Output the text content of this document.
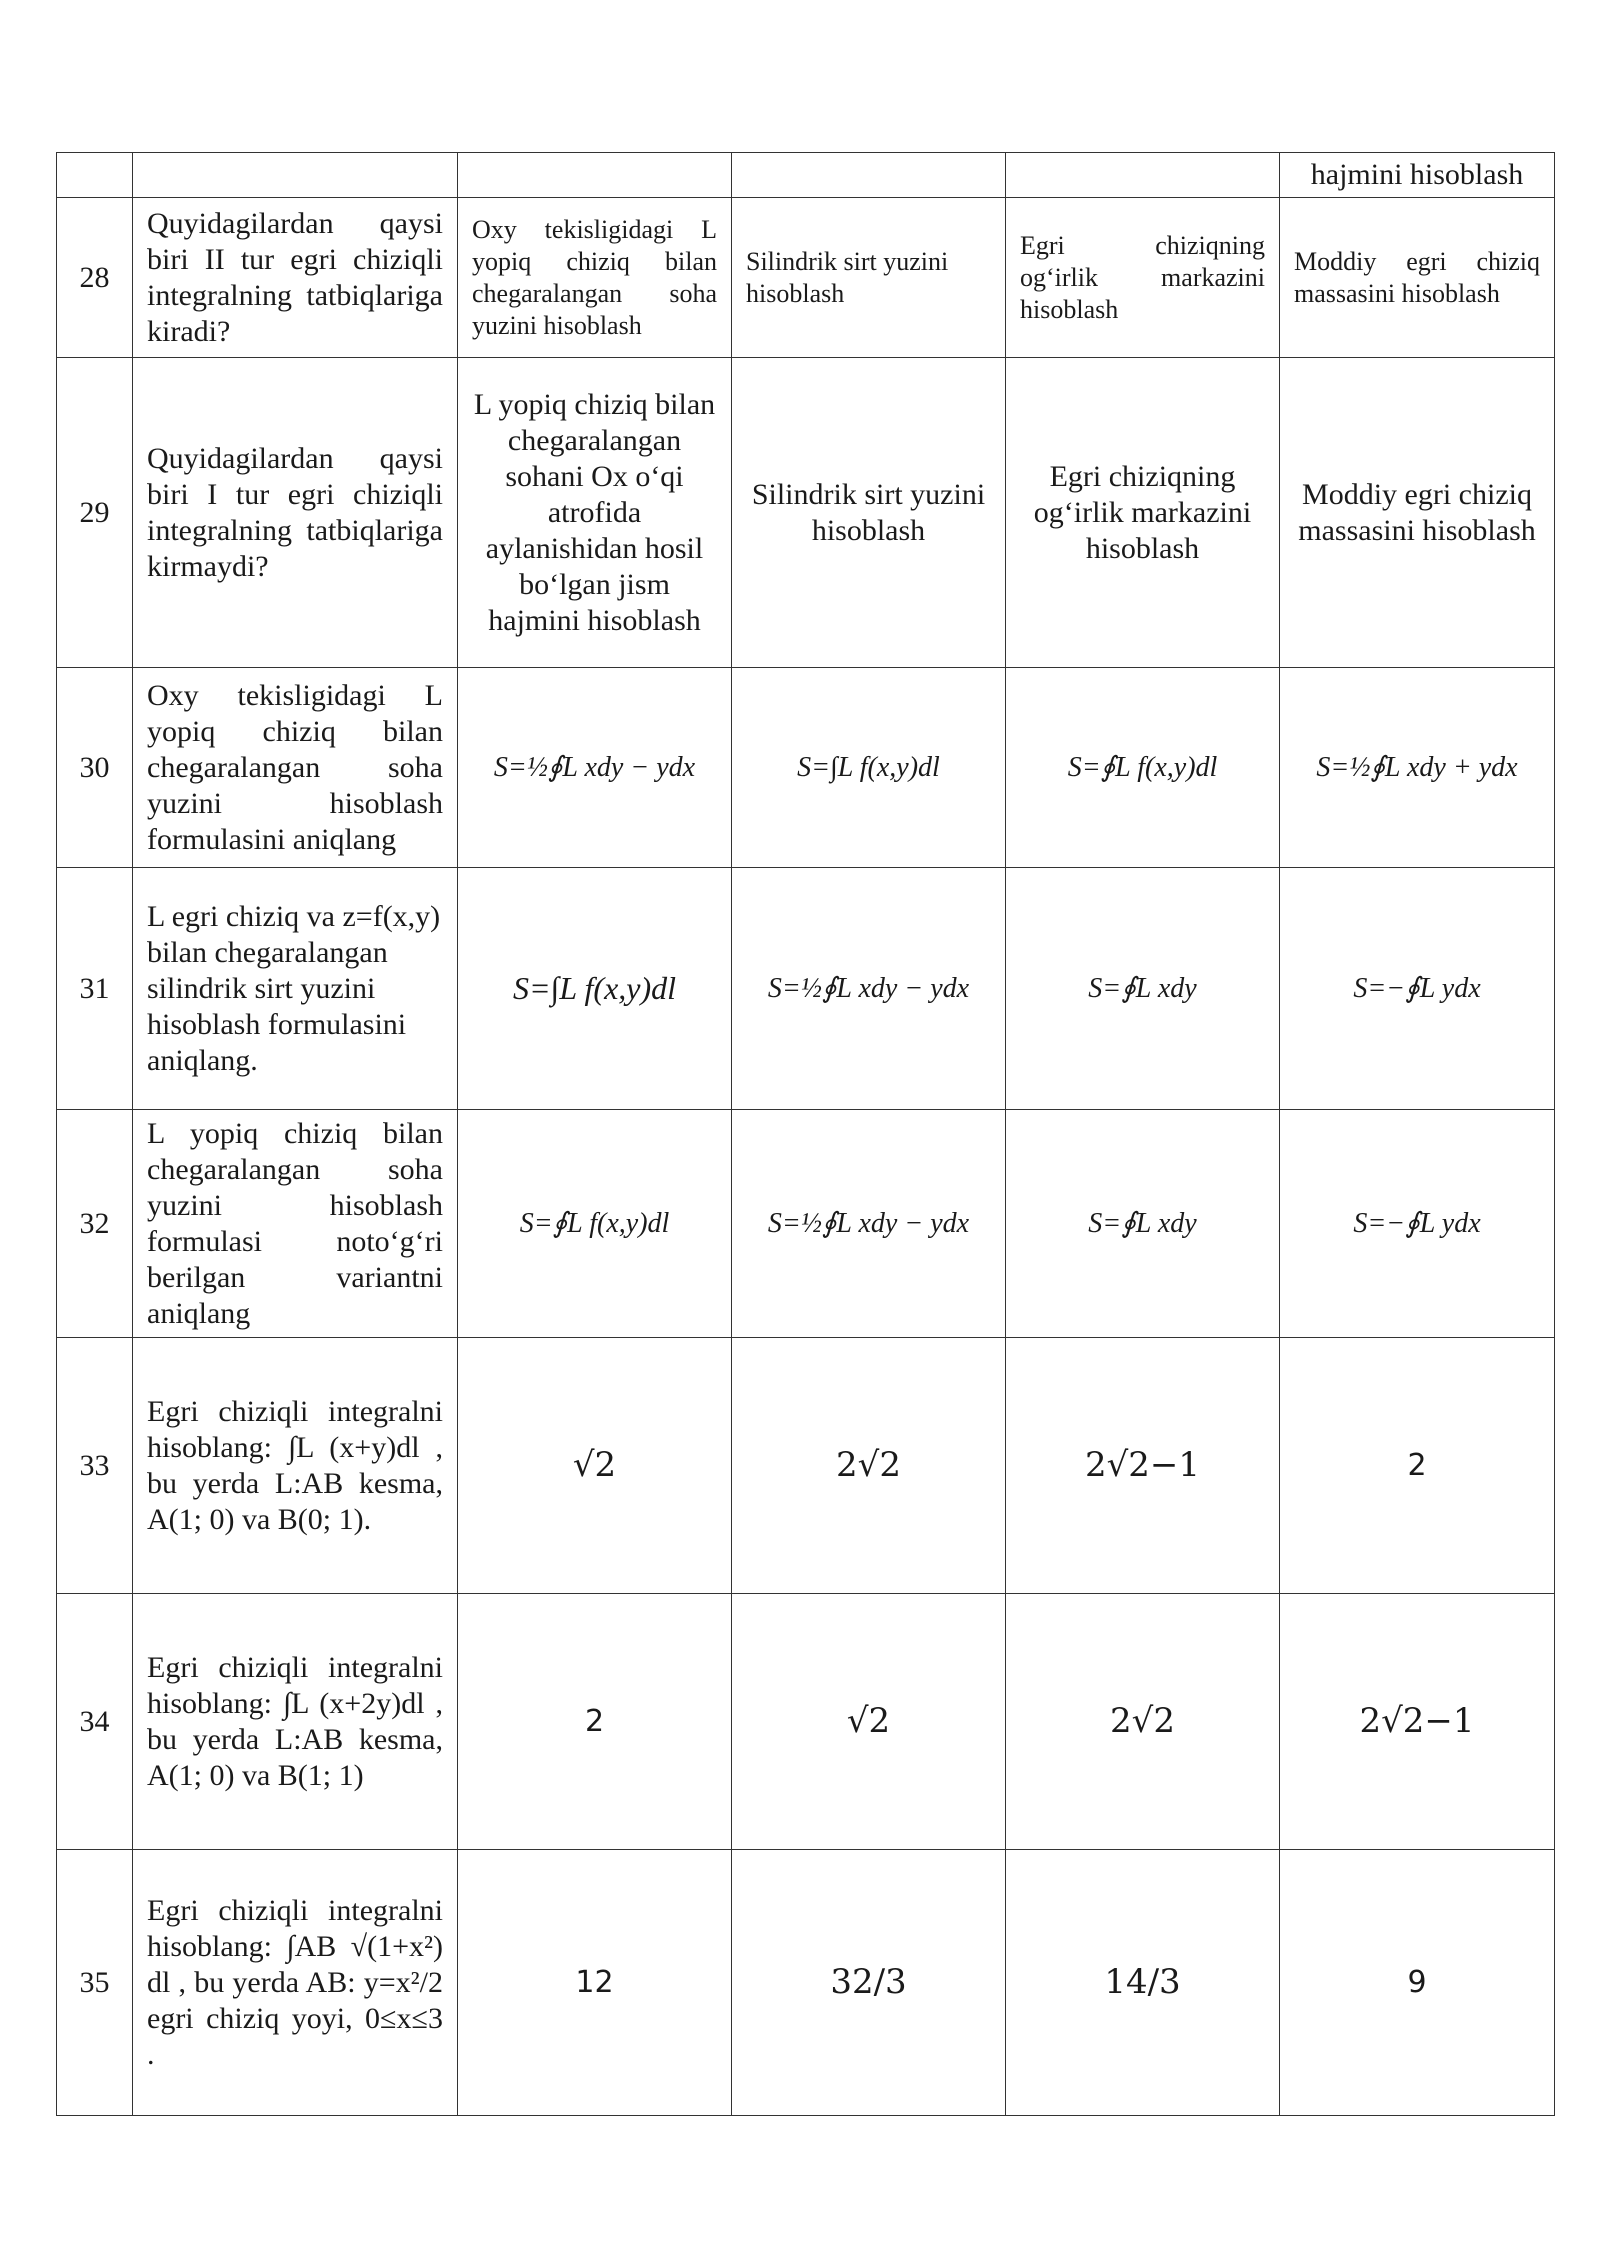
					hajmini hisoblash
28	Quyidagilardan qaysi biri II tur egri chiziqli integralning tatbiqlariga kiradi?	Oxy tekisligidagi L yopiq chiziq bilan chegaralangan soha yuzini hisoblash	Silindrik sirt yuzini hisoblash	Egri chiziqning og‘irlik markazini hisoblash	Moddiy egri chiziq massasini hisoblash
29	Quyidagilardan qaysi biri I tur egri chiziqli integralning tatbiqlariga kirmaydi?	L yopiq chiziq bilan chegaralangan sohani Ox o‘qi atrofida aylanishidan hosil bo‘lgan jism hajmini hisoblash	Silindrik sirt yuzini hisoblash	Egri chiziqning og‘irlik markazini hisoblash	Moddiy egri chiziq massasini hisoblash
30	Oxy tekisligidagi L yopiq chiziq bilan chegaralangan soha yuzini hisoblash formulasini aniqlang	S=½∮L xdy − ydx	S=∫L f(x,y)dl	S=∮L f(x,y)dl	S=½∮L xdy + ydx
31	L egri chiziq va z=f(x,y) bilan chegaralangan silindrik sirt yuzini hisoblash formulasini aniqlang.	S=∫L f(x,y)dl	S=½∮L xdy − ydx	S=∮L xdy	S=−∮L ydx
32	L yopiq chiziq bilan chegaralangan soha yuzini hisoblash formulasi noto‘g‘ri berilgan variantni aniqlang	S=∮L f(x,y)dl	S=½∮L xdy − ydx	S=∮L xdy	S=−∮L ydx
33	Egri chiziqli integralni hisoblang: ∫L (x+y)dl , bu yerda L:AB kesma, A(1; 0) va B(0; 1).	√2	2√2	2√2−1	2
34	Egri chiziqli integralni hisoblang: ∫L (x+2y)dl , bu yerda L:AB kesma, A(1; 0) va B(1; 1)	2	√2	2√2	2√2−1
35	Egri chiziqli integralni hisoblang: ∫AB √(1+x²) dl , bu yerda AB: y=x²/2 egri chiziq yoyi, 0≤x≤3 .	12	32/3	14/3	9
